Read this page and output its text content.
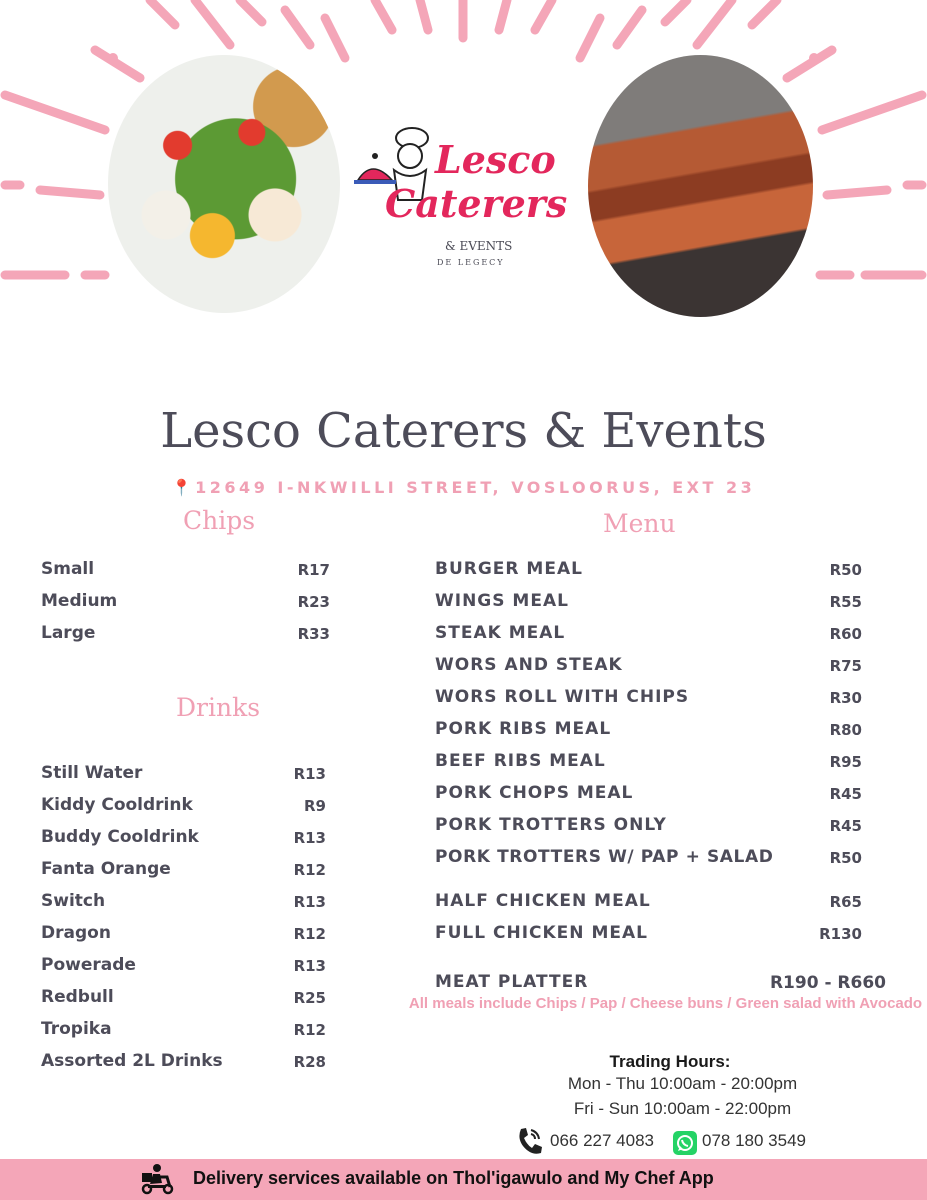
Lesco
Caterers
& EVENTS
DE LEGECY
Lesco Caterers & Events
📍12649 I-NKWILLI STREET, VOSLOORUS, EXT 23
Chips
Small	R17
Medium	R23
Large	R33
Drinks
Still Water	R13
Kiddy Cooldrink	R9
Buddy Cooldrink	R13
Fanta Orange	R12
Switch	R13
Dragon	R12
Powerade	R13
Redbull	R25
Tropika	R12
Assorted 2L Drinks	R28
Menu
BURGER MEAL	R50
WINGS MEAL	R55
STEAK MEAL	R60
WORS AND STEAK	R75
WORS ROLL WITH CHIPS	R30
PORK RIBS MEAL	R80
BEEF RIBS MEAL	R95
PORK CHOPS MEAL	R45
PORK TROTTERS ONLY	R45
PORK TROTTERS W/ PAP + SALAD	R50
HALF CHICKEN MEAL	R65
FULL CHICKEN MEAL	R130
MEAT PLATTER	R190 - R660
All meals include Chips / Pap / Cheese buns / Green salad with Avocado
Trading Hours:
Mon - Thu 10:00am - 20:00pm
Fri - Sun 10:00am - 22:00pm
066 227 4083	078 180 3549
Delivery services available on Thol'igawulo and My Chef App
